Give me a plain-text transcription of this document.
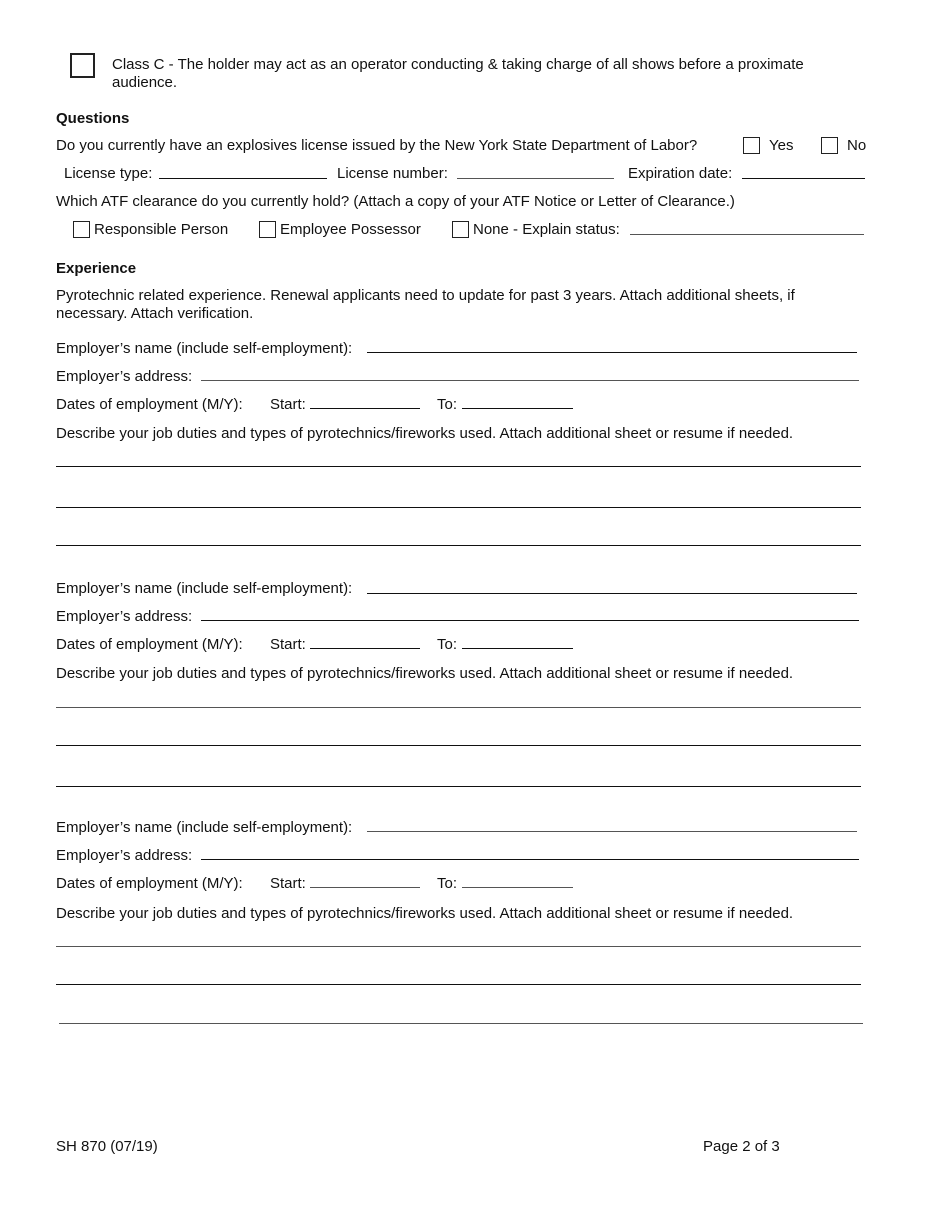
Class C - The holder may act as an operator conducting & taking charge of all shows before a proximate audience.
Questions
Do you currently have an explosives license issued by the New York State Department of Labor?	Yes	No
License type:	License number:	Expiration date:
Which ATF clearance do you currently hold? (Attach a copy of your ATF Notice or Letter of Clearance.)
Responsible Person	Employee Possessor	None - Explain status:
Experience
Pyrotechnic related experience. Renewal applicants need to update for past 3 years. Attach additional sheets, if necessary. Attach verification.
Employer’s name (include self-employment):
Employer’s address:
Dates of employment (M/Y): Start:	To:
Describe your job duties and types of pyrotechnics/fireworks used. Attach additional sheet or resume if needed.
Employer’s name (include self-employment):
Employer’s address:
Dates of employment (M/Y): Start:	To:
Describe your job duties and types of pyrotechnics/fireworks used. Attach additional sheet or resume if needed.
Employer’s name (include self-employment):
Employer’s address:
Dates of employment (M/Y): Start:	To:
Describe your job duties and types of pyrotechnics/fireworks used. Attach additional sheet or resume if needed.
SH 870 (07/19)	Page 2 of 3
